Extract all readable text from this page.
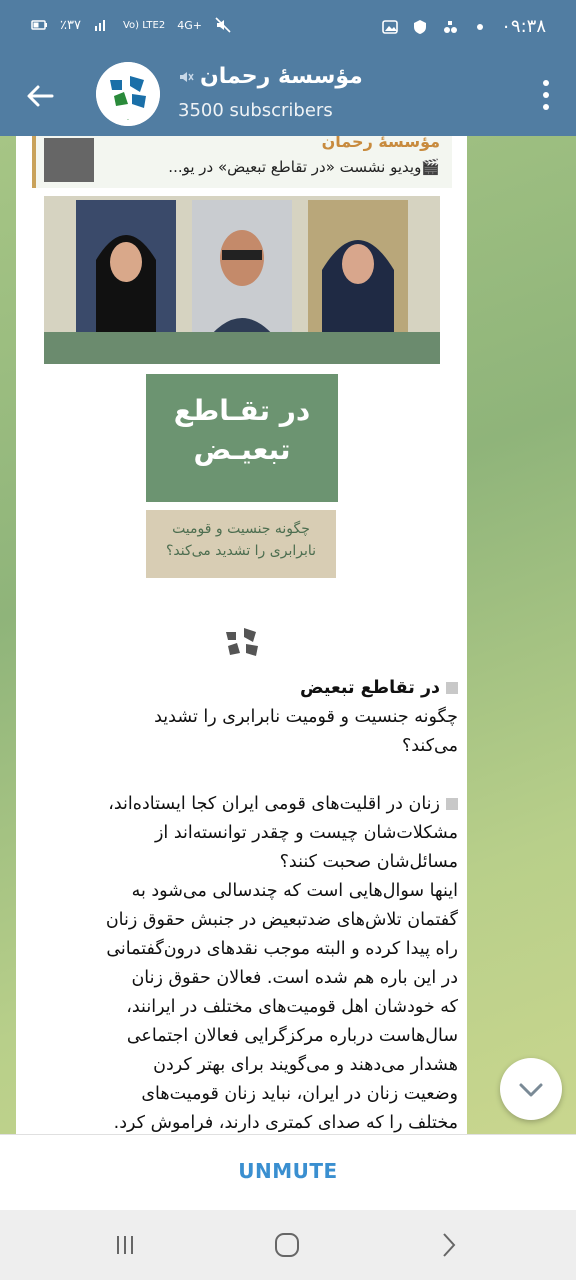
٪۳۷	Vo) LTE2 4G+	۰۹:۳۸
.
مؤسسهٔ رحمان
3500 subscribers
مؤسسهٔ رحمان
🎬ویدیو نشست «در تقاطع تبعیض» در یو...
در تقـاطع
تبعیـض
چگونه جنسیت و قومیت
نابرابری را تشدید می‌کند؟
در تقاطع تبعیض
چگونه جنسیت و قومیت نابرابری را تشدید
می‌کند؟
زنان در اقلیت‌های قومی ایران کجا ایستاده‌اند،
مشکلات‌شان چیست و چقدر توانسته‌اند از
مسائل‌شان صحبت کنند؟
اینها سوال‌هایی است که چندسالی می‌شود به
گفتمان تلاش‌های ضدتبعیض در جنبش حقوق زنان
راه پیدا کرده و البته موجب نقدهای درون‌گفتمانی
در این باره هم شده است. فعالان حقوق زنان
که خودشان اهل قومیت‌های مختلف در ایرانند،
سال‌هاست درباره مرکزگرایی فعالان اجتماعی
هشدار می‌دهند و می‌گویند برای بهتر کردن
وضعیت زنان در ایران، نباید زنان قومیت‌های
مختلف را که صدای کمتری دارند، فراموش کرد.
UNMUTE
